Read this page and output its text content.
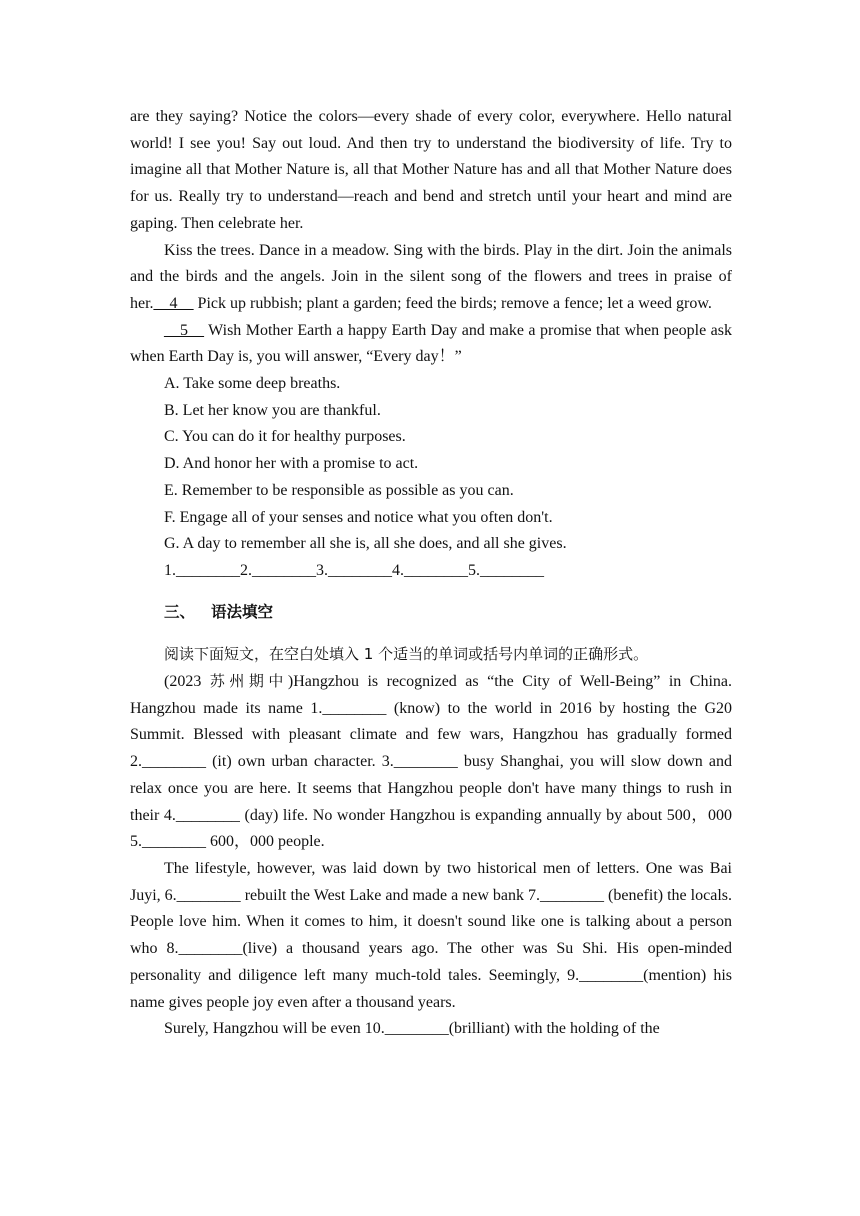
are they saying? Notice the colors—every shade of every color, everywhere. Hello natural world! I see you! Say out loud. And then try to understand the biodiversity of life. Try to imagine all that Mother Nature is, all that Mother Nature has and all that Mother Nature does for us. Really try to understand—reach and bend and stretch until your heart and mind are gaping. Then celebrate her.

Kiss the trees. Dance in a meadow. Sing with the birds. Play in the dirt. Join the animals and the birds and the angels. Join in the silent song of the flowers and trees in praise of her.__4__ Pick up rubbish; plant a garden; feed the birds; remove a fence; let a weed grow.

__5__ Wish Mother Earth a happy Earth Day and make a promise that when people ask when Earth Day is, you will answer, “Every day！”

A. Take some deep breaths.

B. Let her know you are thankful.

C. You can do it for healthy purposes.

D. And honor her with a promise to act.

E. Remember to be responsible as possible as you can.

F. Engage all of your senses and notice what you often don't.

G. A day to remember all she is, all she does, and all she gives.

1.________2.________3.________4.________5.________

三、 语法填空

阅读下面短文，在空白处填入 1 个适当的单词或括号内单词的正确形式。

(2023 苏州期中)Hangzhou is recognized as “the City of Well-Being” in China. Hangzhou made its name 1.________ (know) to the world in 2016 by hosting the G20 Summit. Blessed with pleasant climate and few wars, Hangzhou has gradually formed 2.________ (it) own urban character. 3.________ busy Shanghai, you will slow down and relax once you are here. It seems that Hangzhou people don't have many things to rush in their 4.________ (day) life. No wonder Hangzhou is expanding annually by about 500，000 5.________ 600，000 people.

The lifestyle, however, was laid down by two historical men of letters. One was Bai Juyi, 6.________ rebuilt the West Lake and made a new bank 7.________ (benefit) the locals. People love him. When it comes to him, it doesn't sound like one is talking about a person who 8.________(live) a thousand years ago. The other was Su Shi. His open-minded personality and diligence left many much-told tales. Seemingly, 9.________(mention) his name gives people joy even after a thousand years.

Surely, Hangzhou will be even 10.________(brilliant) with the holding of the
